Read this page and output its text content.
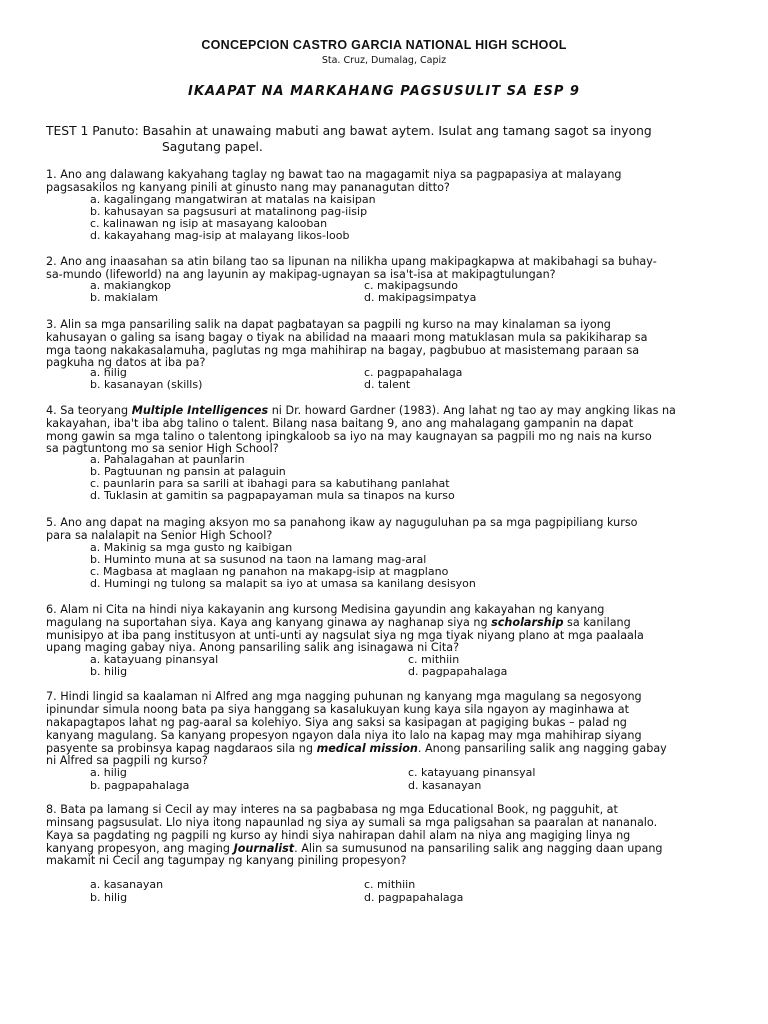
CONCEPCION CASTRO GARCIA NATIONAL HIGH SCHOOL
Sta. Cruz, Dumalag, Capiz
IKAAPAT NA MARKAHANG PAGSUSULIT SA ESP 9
TEST 1 Panuto: Basahin at unawaing mabuti ang bawat aytem. Isulat ang tamang sagot sa inyong
Sagutang papel.
1. Ano ang dalawang kakyahang taglay ng bawat tao na magagamit niya sa pagpapasiya at malayang
pagsasakilos ng kanyang pinili at ginusto nang may pananagutan ditto?
a. kagalingang mangatwiran at matalas na kaisipan
b. kahusayan sa pagsusuri at matalinong pag-iisip
c. kalinawan ng isip at masayang kalooban
d. kakayahang mag-isip at malayang likos-loob
2. Ano ang inaasahan sa atin bilang tao sa lipunan na nilikha upang makipagkapwa at makibahagi sa buhay-
sa-mundo (lifeworld) na ang layunin ay makipag-ugnayan sa isa't-isa at makipagtulungan?
a. makiangkop
b. makialam
c. makipagsundo
d. makipagsimpatya
3. Alin sa mga pansariling salik na dapat pagbatayan sa pagpili ng kurso na may kinalaman sa iyong
kahusayan o galing sa isang bagay o tiyak na abilidad na maaari mong matuklasan mula sa pakikiharap sa
mga taong nakakasalamuha, paglutas ng mga mahihirap na bagay, pagbubuo at masistemang paraan sa
pagkuha ng datos at iba pa?
a. hilig
b. kasanayan (skills)
c. pagpapahalaga
d. talent
4. Sa teoryang Multiple Intelligences ni Dr. howard Gardner (1983). Ang lahat ng tao ay may angking likas na
kakayahan, iba't iba abg talino o talent. Bilang nasa baitang 9, ano ang mahalagang gampanin na dapat
mong gawin sa mga talino o talentong ipingkaloob sa iyo na may kaugnayan sa pagpili mo ng nais na kurso
sa pagtuntong mo sa senior High School?
a. Pahalagahan at paunlarin
b. Pagtuunan ng pansin at palaguin
c. paunlarin para sa sarili at ibahagi para sa kabutihang panlahat
d. Tuklasin at gamitin sa pagpapayaman mula sa tinapos na kurso
5. Ano ang dapat na maging aksyon mo sa panahong ikaw ay naguguluhan pa sa mga pagpipiliang kurso
para sa nalalapit na Senior High School?
a. Makinig sa mga gusto ng kaibigan
b. Huminto muna at sa susunod na taon na lamang mag-aral
c. Magbasa at maglaan ng panahon na makapg-isip at magplano
d. Humingi ng tulong sa malapit sa iyo at umasa sa kanilang desisyon
6. Alam ni Cita na hindi niya kakayanin ang kursong Medisina gayundin ang kakayahan ng kanyang
magulang na suportahan siya. Kaya ang kanyang ginawa ay naghanap siya ng scholarship sa kanilang
munisipyo at iba pang institusyon at unti-unti ay nagsulat siya ng mga tiyak niyang plano at mga paalaala
upang maging gabay niya. Anong pansariling salik ang isinagawa ni Cita?
a. katayuang pinansyal
b. hilig
c. mithiin
d. pagpapahalaga
7. Hindi lingid sa kaalaman ni Alfred ang mga nagging puhunan ng kanyang mga magulang sa negosyong
ipinundar simula noong bata pa siya hanggang sa kasalukuyan kung kaya sila ngayon ay maginhawa at
nakapagtapos lahat ng pag-aaral sa kolehiyo. Siya ang saksi sa kasipagan at pagiging bukas – palad ng
kanyang magulang. Sa kanyang propesyon ngayon dala niya ito lalo na kapag may mga mahihirap siyang
pasyente sa probinsya kapag nagdaraos sila ng medical mission. Anong pansariling salik ang nagging gabay
ni Alfred sa pagpili ng kurso?
a. hilig
b. pagpapahalaga
c. katayuang pinansyal
d. kasanayan
8. Bata pa lamang si Cecil ay may interes na sa pagbabasa ng mga Educational Book, ng pagguhit, at
minsang pagsusulat. Llo niya itong napaunlad ng siya ay sumali sa mga paligsahan sa paaralan at nananalo.
Kaya sa pagdating ng pagpili ng kurso ay hindi siya nahirapan dahil alam na niya ang magiging linya ng
kanyang propesyon, ang maging Journalist. Alin sa sumusunod na pansariling salik ang nagging daan upang
makamit ni Cecil ang tagumpay ng kanyang piniling propesyon?
a. kasanayan
b. hilig
c. mithiin
d. pagpapahalaga
